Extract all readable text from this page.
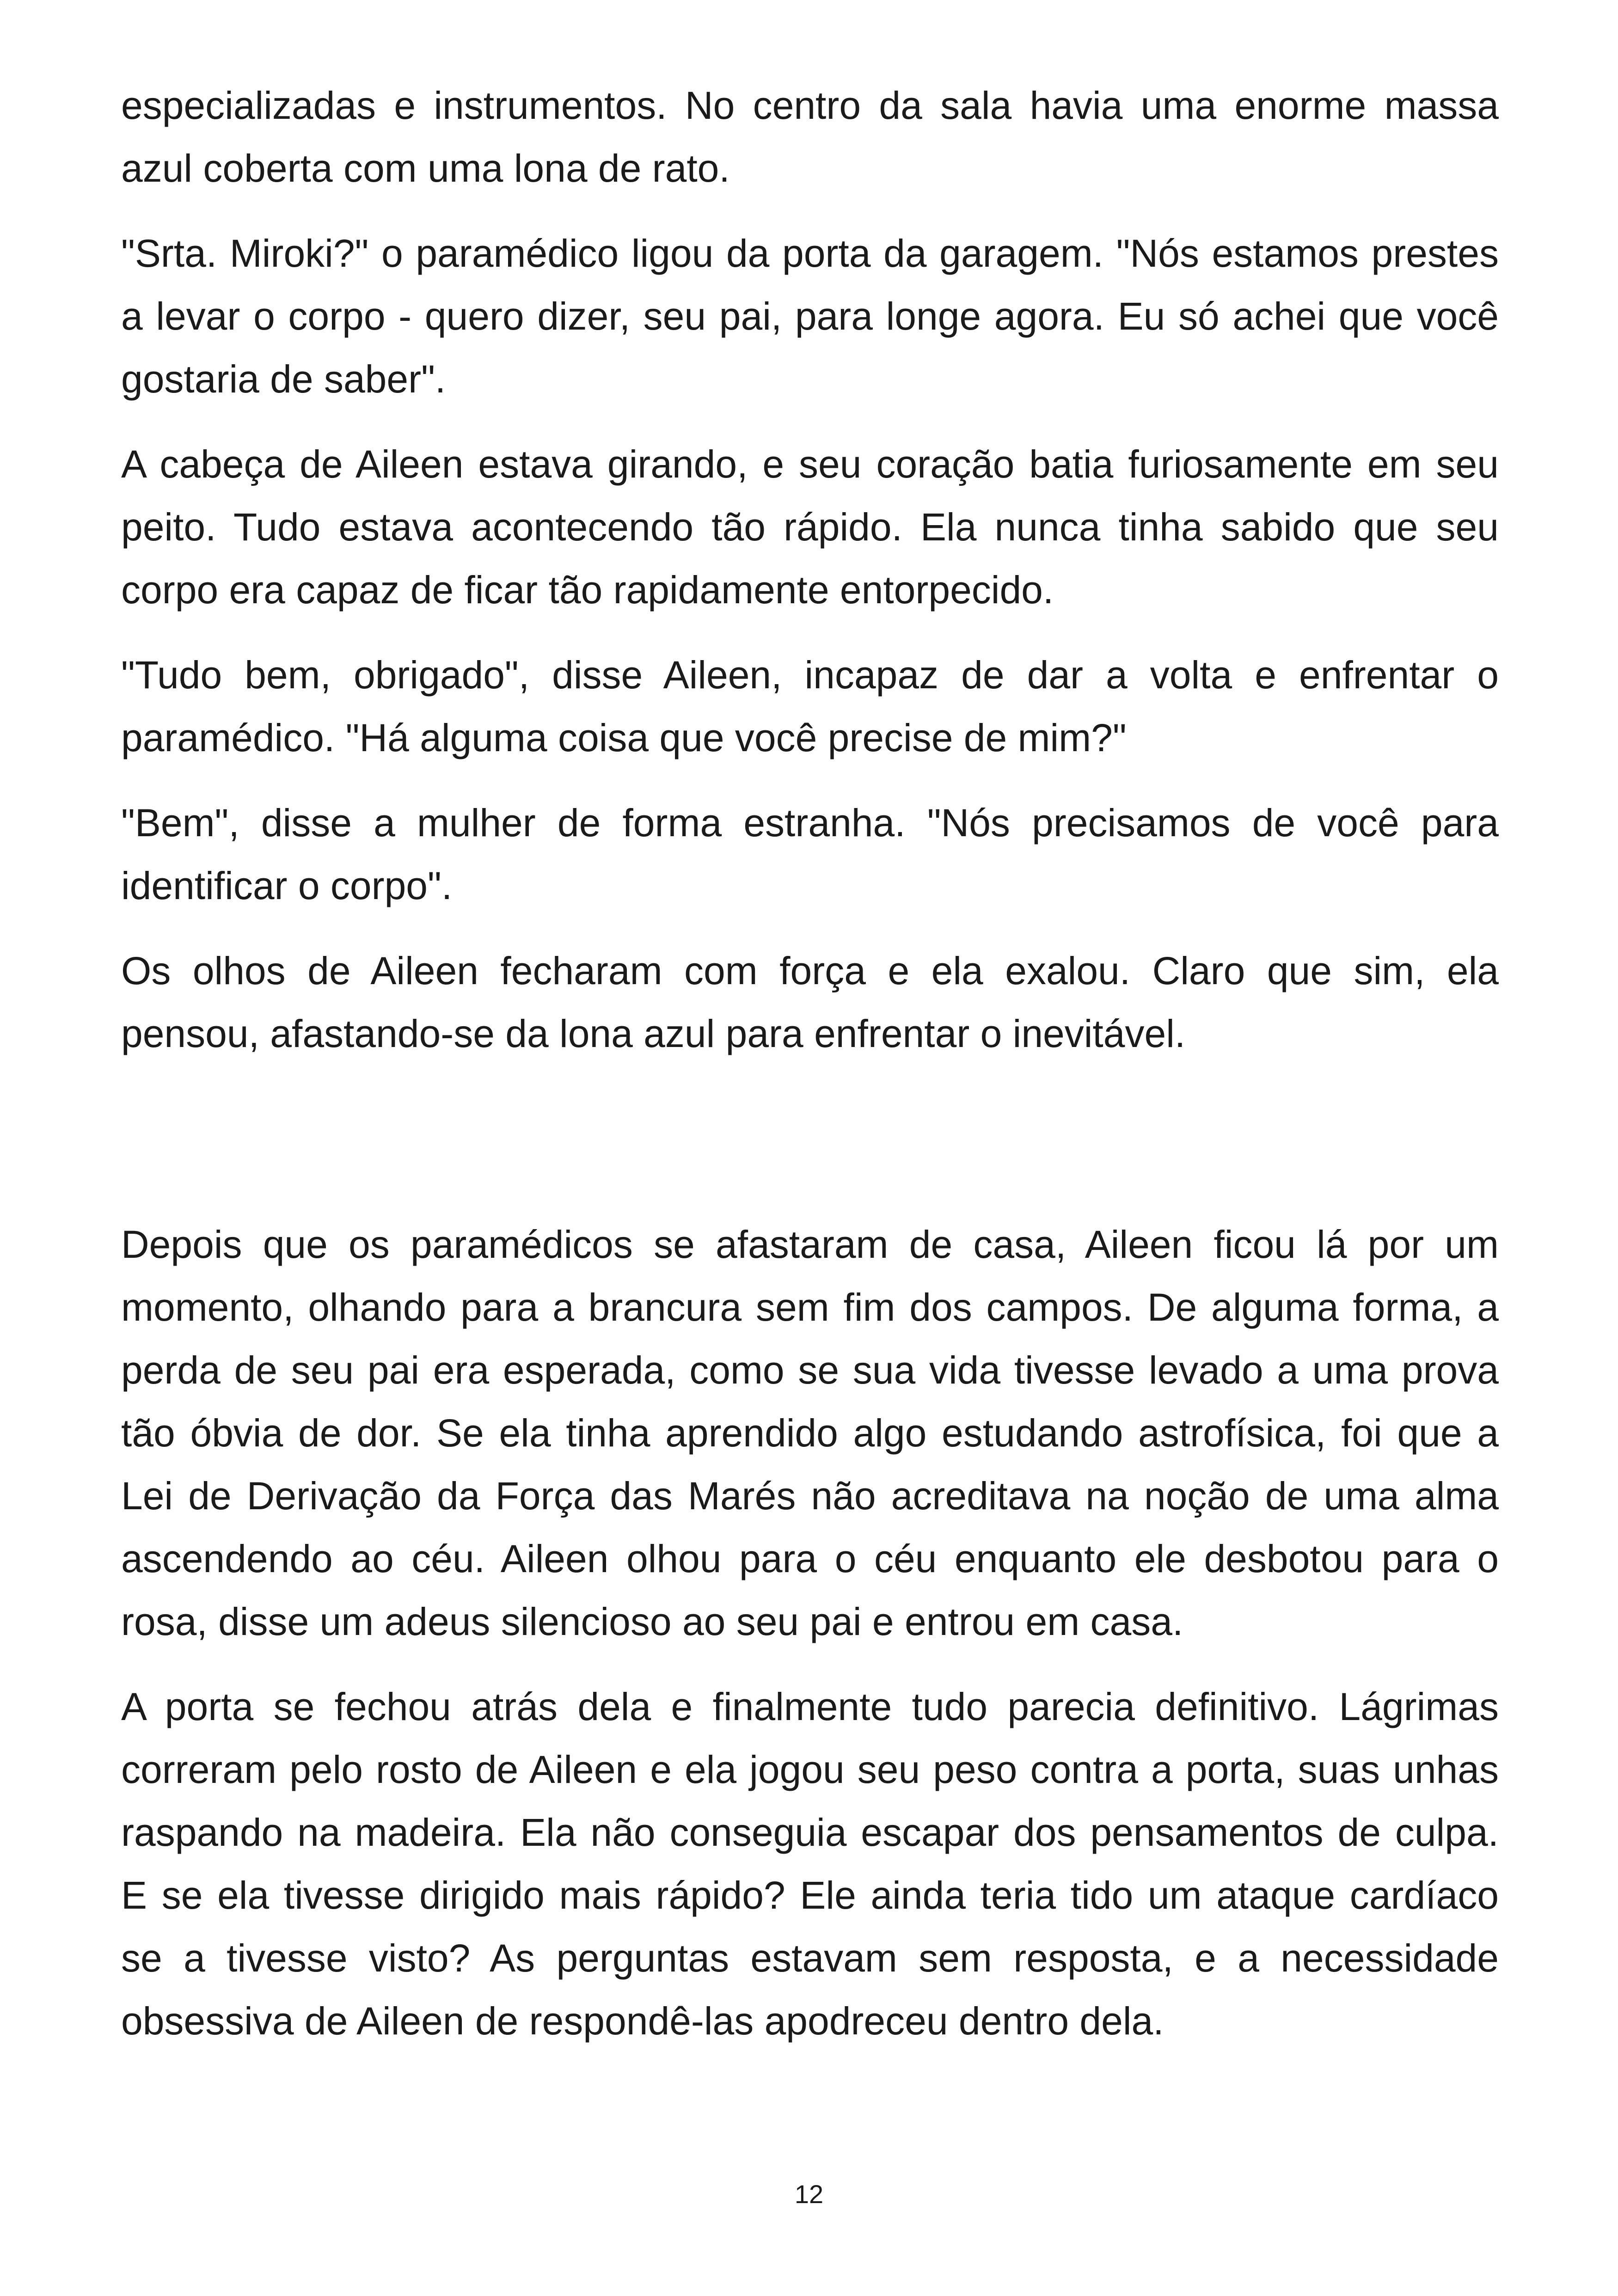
especializadas e instrumentos. No centro da sala havia uma enorme massa azul coberta com uma lona de rato.

"Srta. Miroki?" o paramédico ligou da porta da garagem. "Nós estamos prestes a levar o corpo - quero dizer, seu pai, para longe agora. Eu só achei que você gostaria de saber".

A cabeça de Aileen estava girando, e seu coração batia furiosamente em seu peito. Tudo estava acontecendo tão rápido. Ela nunca tinha sabido que seu corpo era capaz de ficar tão rapidamente entorpecido.

"Tudo bem, obrigado", disse Aileen, incapaz de dar a volta e enfrentar o paramédico. "Há alguma coisa que você precise de mim?"

"Bem", disse a mulher de forma estranha. "Nós precisamos de você para identificar o corpo".

Os olhos de Aileen fecharam com força e ela exalou. Claro que sim, ela pensou, afastando-se da lona azul para enfrentar o inevitável.

Depois que os paramédicos se afastaram de casa, Aileen ficou lá por um momento, olhando para a brancura sem fim dos campos. De alguma forma, a perda de seu pai era esperada, como se sua vida tivesse levado a uma prova tão óbvia de dor. Se ela tinha aprendido algo estudando astrofísica, foi que a Lei de Derivação da Força das Marés não acreditava na noção de uma alma ascendendo ao céu. Aileen olhou para o céu enquanto ele desbotou para o rosa, disse um adeus silencioso ao seu pai e entrou em casa.

A porta se fechou atrás dela e finalmente tudo parecia definitivo. Lágrimas correram pelo rosto de Aileen e ela jogou seu peso contra a porta, suas unhas raspando na madeira. Ela não conseguia escapar dos pensamentos de culpa. E se ela tivesse dirigido mais rápido? Ele ainda teria tido um ataque cardíaco se a tivesse visto? As perguntas estavam sem resposta, e a necessidade obsessiva de Aileen de respondê-las apodreceu dentro dela.

12
